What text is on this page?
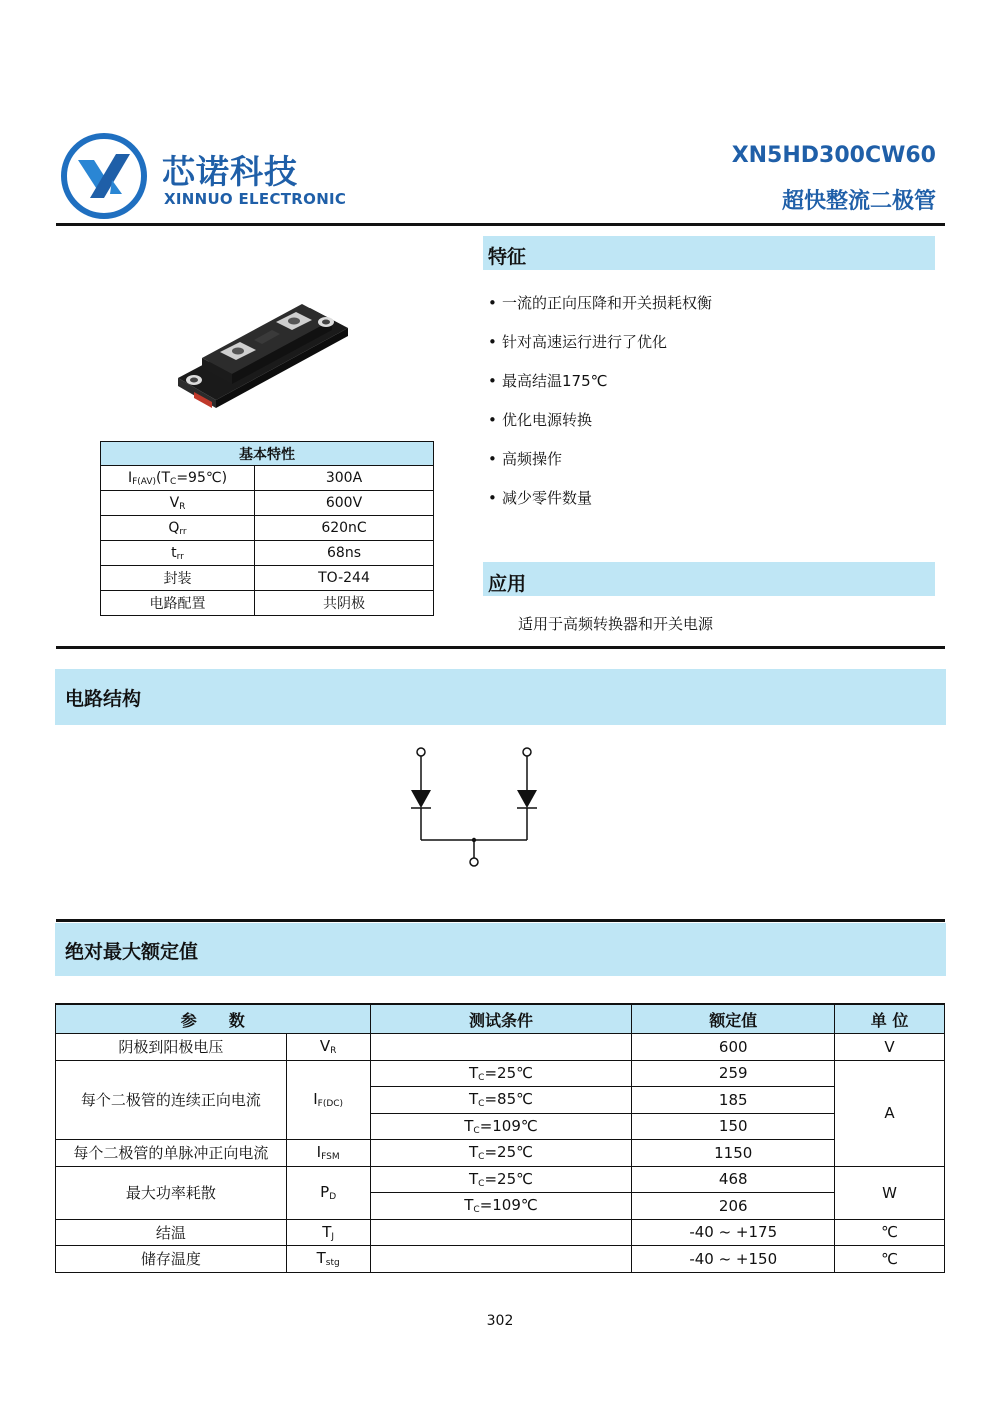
芯诺科技
XINNUO ELECTRONIC
XN5HD300CW60
超快整流二极管
基本特性	
$I_{F(AV)}(T_C=95℃)$	300A
$V_R$	600V
$Q_{rr}$	620nC
$t_{rr}$	68ns
封装	TO-244
电路配置	共阴极
特征
• 一流的正向压降和开关损耗权衡
• 针对高速运行进行了优化
• 最高结温175℃
• 优化电源转换
• 高频操作
• 减少零件数量
应用
适用于高频转换器和开关电源
电路结构
绝对最大额定值
参　　数		测试条件	额定值	单 位
阴极到阳极电压	$V_R$		600	V
每个二极管的连续正向电流	$I_{F(DC)}$	$T_C=25℃$	259	A
		$T_C=85℃$	185	
		$T_C=109℃$	150	
每个二极管的单脉冲正向电流	$I_{FSM}$	$T_C=25℃$	1150	
最大功率耗散	$P_D$	$T_C=25℃$	468	W
		$T_C=109℃$	206	
结温	$T_J$		-40 ~ +175	℃
储存温度	$T_{stg}$		-40 ~ +150	℃
302
